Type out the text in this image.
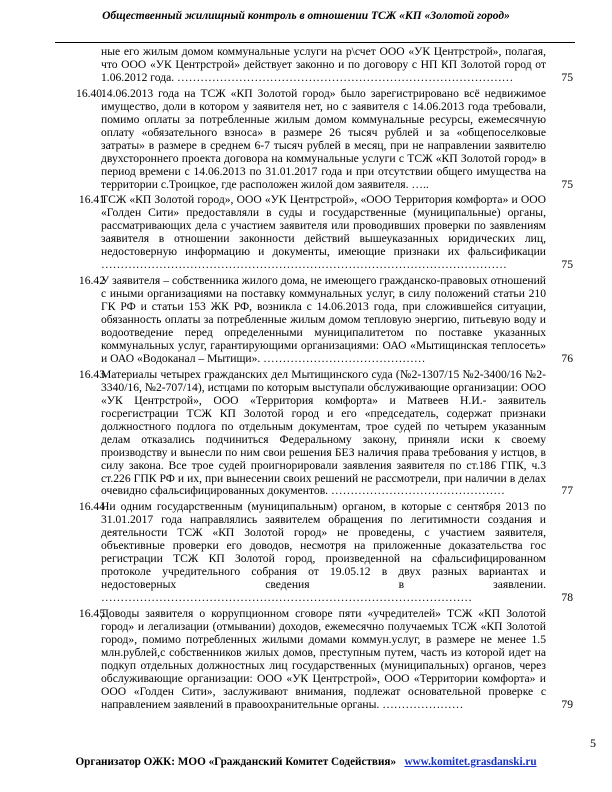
Общественный жилищный контроль в отношении ТСЖ «КП «Золотой город»
ные его жилым домом коммунальные услуги на р\счет ООО «УК Центрстрой», полагая, что ООО «УК Центрстрой» действует законно и по договору с НП КП Золотой город от 1.06.2012 года. ……………………………………………………………………………	75
16.40.
14.06.2013 года на ТСЖ «КП Золотой город» было зарегистрировано всё недвижимое имущество, доли в котором у заявителя нет, но с заявителя с 14.06.2013 года требовали, помимо оплаты за потребленные жилым домом коммунальные ресурсы, ежемесячную оплату «обязательного взноса» в размере 26 тысяч рублей и за «общепоселковые затраты» в размере в среднем 6-7 тысяч рублей в месяц, при не направлении заявителю двухстороннего проекта договора на коммунальные услуги с ТСЖ «КП Золотой город» в период времени с 14.06.2013 по 31.01.2017 года и при отсутствии общего имущества на территории с.Троицкое, где расположен жилой дом заявителя. …..	75
16.41
ТСЖ «КП Золотой город», ООО «УК Центрстрой», «ООО Территория комфорта» и ООО «Голден Сити» предоставляли в суды и государственные (муниципальные) органы, рассматривающих дела с участием заявителя или проводивших проверки по заявлениям заявителя в отношении законности действий вышеуказанных юридических лиц, недостоверную информацию и документы, имеющие признаки их фальсификации ……………………………………………………………………………………………	75
16.42
У заявителя – собственника жилого дома, не имеющего гражданско-правовых отношений с иными организациями на поставку коммунальных услуг, в силу положений статьи 210 ГК РФ и статьи 153 ЖК РФ, возникла с 14.06.2013 года, при сложившейся ситуации, обязанность оплаты за потребленные жилым домом тепловую энергию, питьевую воду и водоотведение перед определенными муниципалитетом по поставке указанных коммунальных услуг, гарантирующими организациями: ОАО «Мытищинская теплосеть» и ОАО «Водоканал – Мытищи». ……………………………………	76
16.43
Материалы четырех гражданских дел Мытищинского суда (№2-1307/15 №2-3400/16 №2-3340/16, №2-707/14), истцами по которым выступали обслуживающие организации: ООО «УК Центрстрой», ООО «Территория комфорта» и Матвеев Н.И.- заявитель госрегистрации ТСЖ КП Золотой город и его «председатель, содержат признаки должностного подлога по отдельным документам, трое судей по четырем указанным делам отказались подчиниться Федеральному закону, приняли иски к своему производству и вынесли по ним свои решения БЕЗ наличия права требования у истцов, в силу закона. Все трое судей проигнорировали заявления заявителя по ст.186 ГПК, ч.3 ст.226 ГПК РФ и их, при вынесении своих решений не рассмотрели, при наличии в делах очевидно сфальсифицированных документов. ………………………………………	77
16.44
Ни одним государственным (муниципальным) органом, в которые с сентября 2013 по 31.01.2017 года направлялись заявителем обращения по легитимности создания и деятельности ТСЖ «КП Золотой город» не проведены, с участием заявителя, объективные проверки его доводов, несмотря на приложенные доказательства гос регистрации ТСЖ КП Золотой город, произведенной на сфальсифицированном протоколе учредительного собрания от 19.05.12 в двух разных вариантах и недостоверных сведения в заявлении. ……………………………………………………………………………………	78
16.45
Доводы заявителя о коррупционном сговоре пяти «учредителей» ТСЖ «КП Золотой город» и легализации (отмывании) доходов, ежемесячно получаемых ТСЖ «КП Золотой город», помимо потребленных жилыми домами коммун.услуг, в размере не менее 1.5 млн.рублей,с собственников жилых домов, преступным путем, часть из которой идет на подкуп отдельных должностных лиц государственных (муниципальных) органов, через обслуживающие организации: ООО «УК Центрстрой», ООО «Территории комфорта» и ООО «Голден Сити», заслуживают внимания, подлежат основательной проверке с направлением заявлений в правоохранительные органы. …………………	79
5
Организатор ОЖК: МОО «Гражданский Комитет Содействия» www.komitet.grasdanski.ru
